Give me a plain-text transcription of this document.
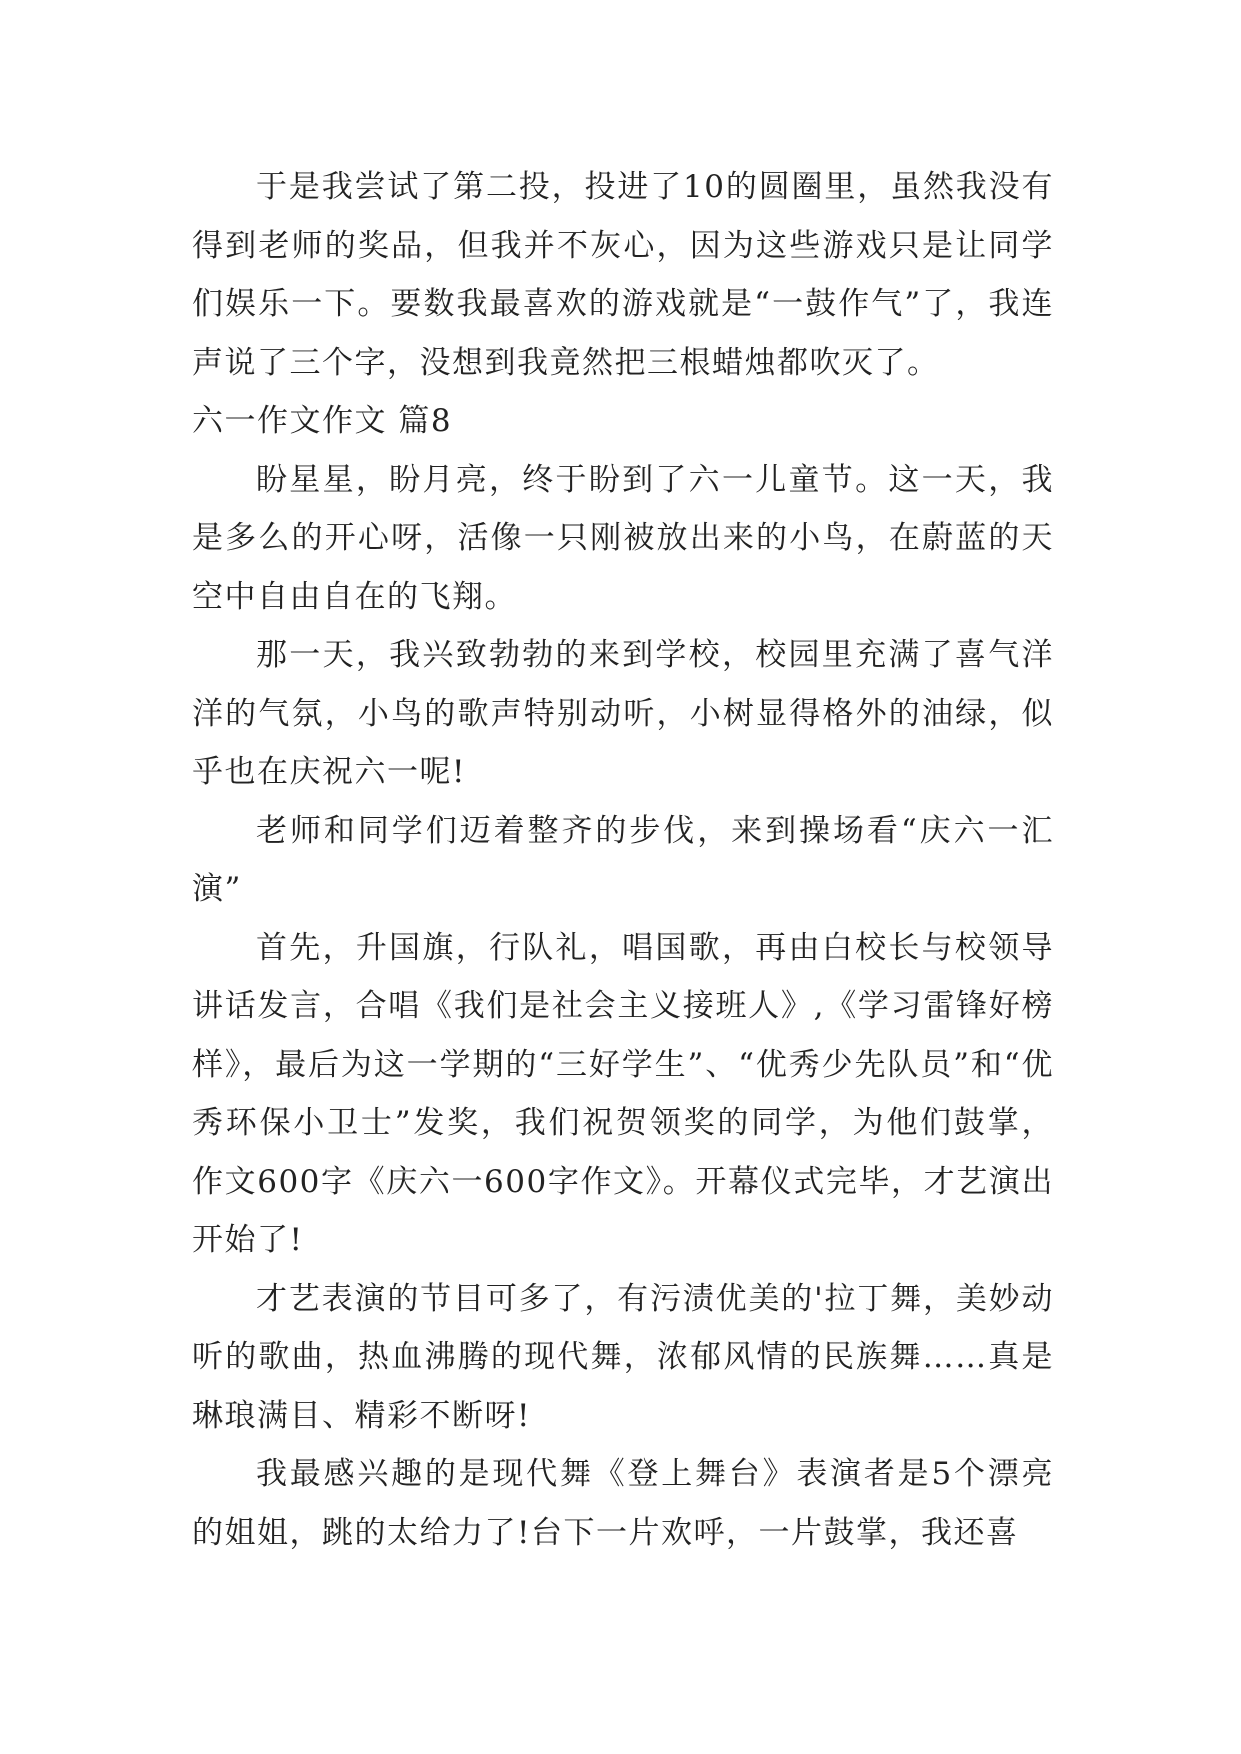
于是我尝试了第二投，投进了10的圆圈里，虽然我没有得到老师的奖品，但我并不灰心，因为这些游戏只是让同学们娱乐一下。要数我最喜欢的游戏就是“一鼓作气”了，我连声说了三个字，没想到我竟然把三根蜡烛都吹灭了。

六一作文作文 篇8

盼星星，盼月亮，终于盼到了六一儿童节。这一天，我是多么的开心呀，活像一只刚被放出来的小鸟，在蔚蓝的天空中自由自在的飞翔。

那一天，我兴致勃勃的来到学校，校园里充满了喜气洋洋的气氛，小鸟的歌声特别动听，小树显得格外的油绿，似乎也在庆祝六一呢!

老师和同学们迈着整齐的步伐，来到操场看“庆六一汇演”

首先，升国旗，行队礼，唱国歌，再由白校长与校领导讲话发言，合唱《我们是社会主义接班人》,《学习雷锋好榜样》，最后为这一学期的“三好学生”、“优秀少先队员”和“优秀环保小卫士”发奖，我们祝贺领奖的同学，为他们鼓掌，作文600字《庆六一600字作文》。开幕仪式完毕，才艺演出开始了!

才艺表演的节目可多了，有污渍优美的'拉丁舞，美妙动听的歌曲，热血沸腾的现代舞，浓郁风情的民族舞……真是琳琅满目、精彩不断呀!

我最感兴趣的是现代舞《登上舞台》表演者是5个漂亮的姐姐，跳的太给力了!台下一片欢呼，一片鼓掌，我还喜
